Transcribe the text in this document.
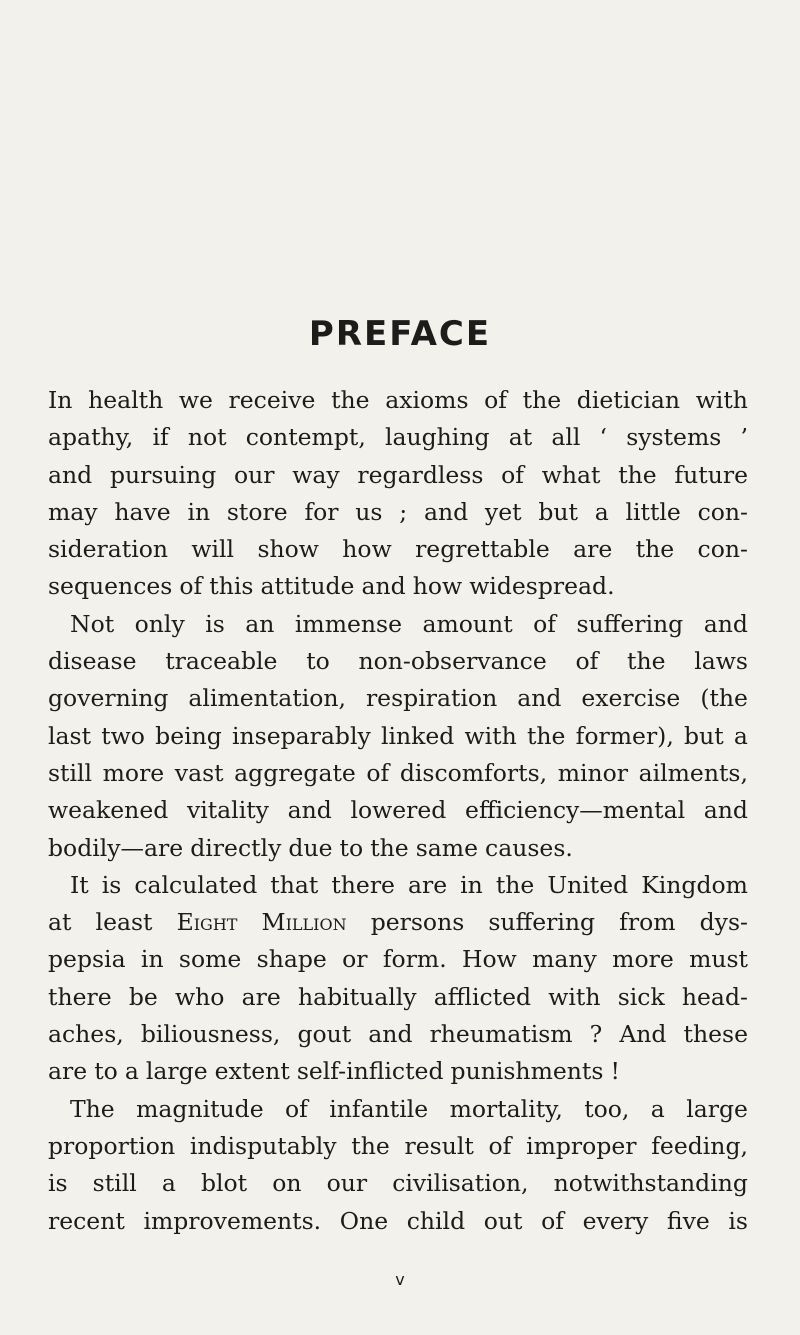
PREFACE
In health we receive the axioms of the dietician with
apathy, if not contempt, laughing at all ‘ systems ’
and pursuing our way regardless of what the future
may have in store for us ; and yet but a little con-
sideration will show how regrettable are the con-
sequences of this attitude and how widespread.
Not only is an immense amount of suffering and
disease traceable to non-observance of the laws
governing alimentation, respiration and exercise (the
last two being inseparably linked with the former), but a
still more vast aggregate of discomforts, minor ailments,
weakened vitality and lowered efficiency—mental and
bodily—are directly due to the same causes.
It is calculated that there are in the United Kingdom
at least Eight Million persons suffering from dys-
pepsia in some shape or form. How many more must
there be who are habitually afflicted with sick head-
aches, biliousness, gout and rheumatism ? And these
are to a large extent self-inflicted punishments !
The magnitude of infantile mortality, too, a large
proportion indisputably the result of improper feeding,
is still a blot on our civilisation, notwithstanding
recent improvements. One child out of every five is
v
